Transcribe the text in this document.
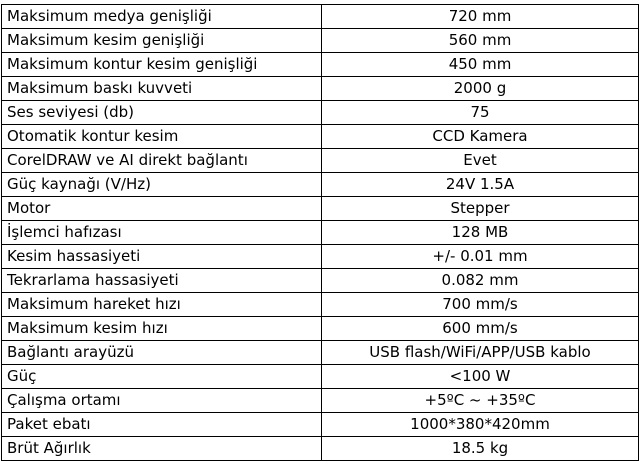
Maksimum medya genişliği	720 mm
Maksimum kesim genişliği	560 mm
Maksimum kontur kesim genişliği	450 mm
Maksimum baskı kuvveti	2000 g
Ses seviyesi (db)	75
Otomatik kontur kesim	CCD Kamera
CorelDRAW ve AI direkt bağlantı	Evet
Güç kaynağı (V/Hz)	24V 1.5A
Motor	Stepper
İşlemci hafızası	128 MB
Kesim hassasiyeti	+/- 0.01 mm
Tekrarlama hassasiyeti	0.082 mm
Maksimum hareket hızı	700 mm/s
Maksimum kesim hızı	600 mm/s
Bağlantı arayüzü	USB flash/WiFi/APP/USB kablo
Güç	<100 W
Çalışma ortamı	+5ºC ~ +35ºC
Paket ebatı	1000*380*420mm
Brüt Ağırlık	18.5 kg
